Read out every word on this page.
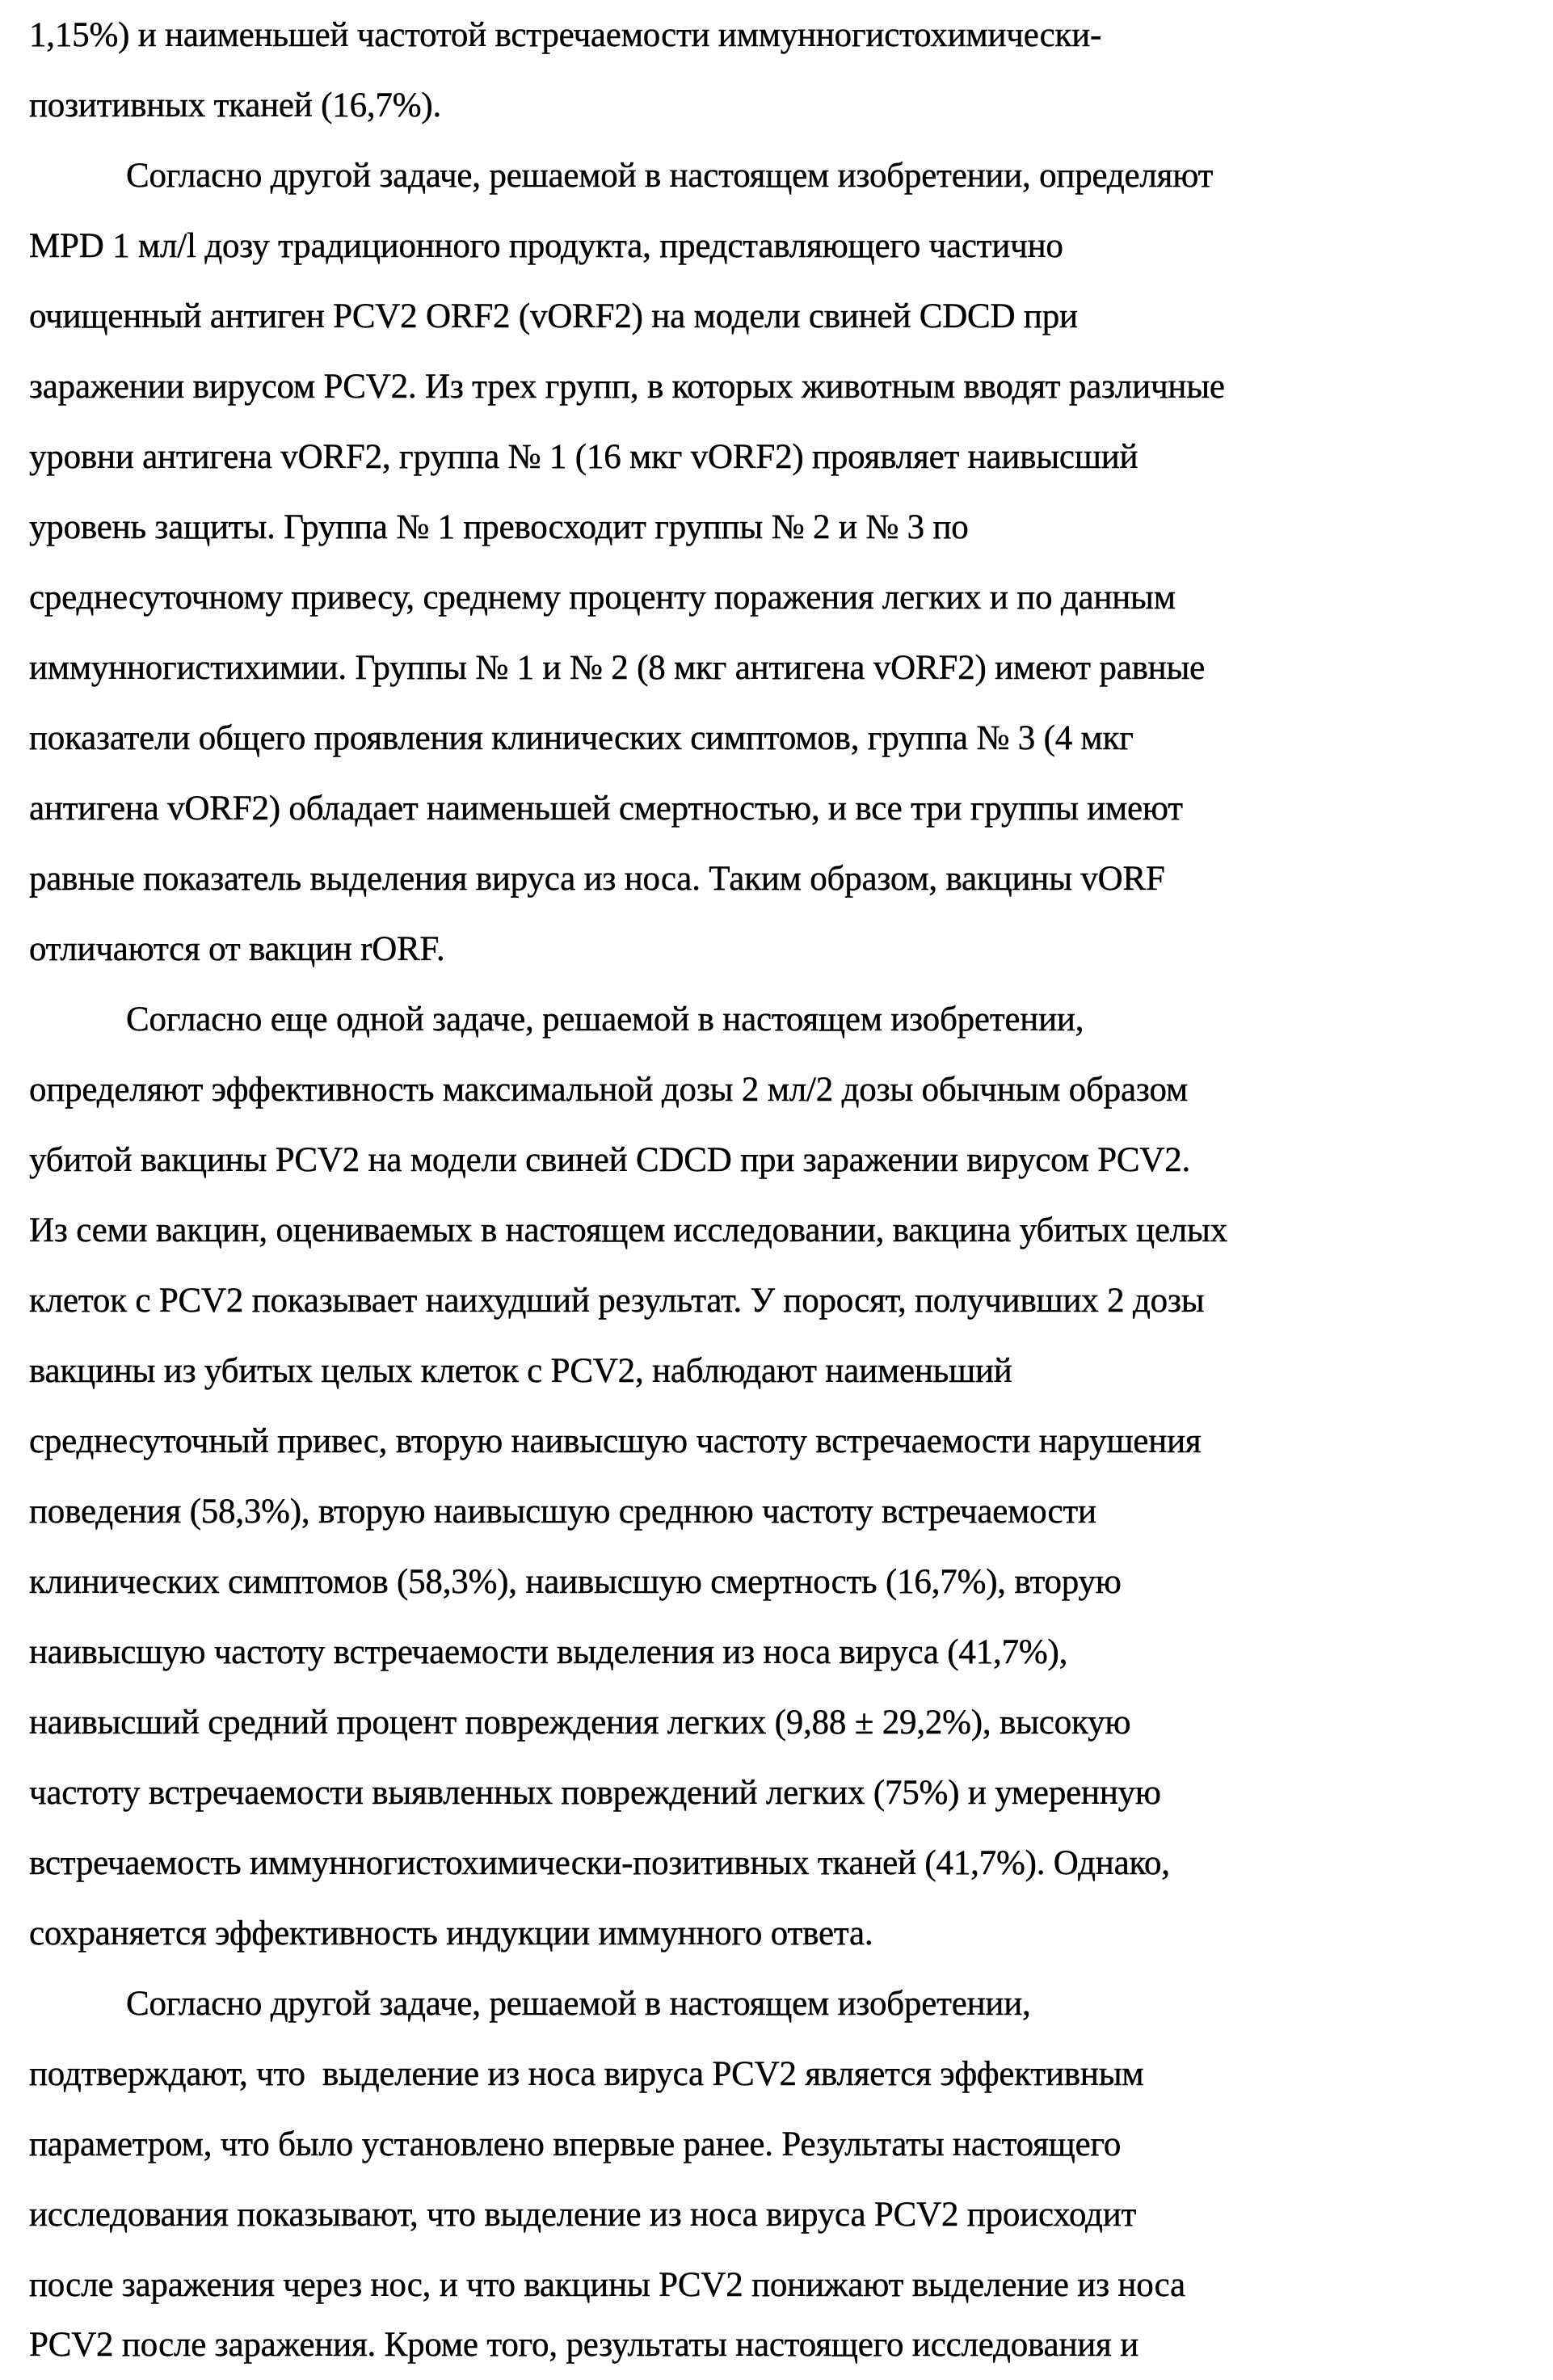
1,15%) и наименьшей частотой встречаемости иммунногистохимически-
позитивных тканей (16,7%).
Согласно другой задаче, решаемой в настоящем изобретении, определяют
MPD 1 мл/l дозу традиционного продукта, представляющего частично
очищенный антиген PCV2 ORF2 (vORF2) на модели свиней CDCD при
заражении вирусом PCV2. Из трех групп, в которых животным вводят различные
уровни антигена vORF2, группа № 1 (16 мкг vORF2) проявляет наивысший
уровень защиты. Группа № 1 превосходит группы № 2 и № 3 по
среднесуточному привесу, среднему проценту поражения легких и по данным
иммунногистихимии. Группы № 1 и № 2 (8 мкг антигена vORF2) имеют равные
показатели общего проявления клинических симптомов, группа № 3 (4 мкг
антигена vORF2) обладает наименьшей смертностью, и все три группы имеют
равные показатель выделения вируса из носа. Таким образом, вакцины vORF
отличаются от вакцин rORF.
Согласно еще одной задаче, решаемой в настоящем изобретении,
определяют эффективность максимальной дозы 2 мл/2 дозы обычным образом
убитой вакцины PCV2 на модели свиней CDCD при заражении вирусом PCV2.
Из семи вакцин, оцениваемых в настоящем исследовании, вакцина убитых целых
клеток с PCV2 показывает наихудший результат. У поросят, получивших 2 дозы
вакцины из убитых целых клеток с PCV2, наблюдают наименьший
среднесуточный привес, вторую наивысшую частоту встречаемости нарушения
поведения (58,3%), вторую наивысшую среднюю частоту встречаемости
клинических симптомов (58,3%), наивысшую смертность (16,7%), вторую
наивысшую частоту встречаемости выделения из носа вируса (41,7%),
наивысший средний процент повреждения легких (9,88 ± 29,2%), высокую
частоту встречаемости выявленных повреждений легких (75%) и умеренную
встречаемость иммунногистохимически-позитивных тканей (41,7%). Однако,
сохраняется эффективность индукции иммунного ответа.
Согласно другой задаче, решаемой в настоящем изобретении,
подтверждают, что  выделение из носа вируса PCV2 является эффективным
параметром, что было установлено впервые ранее. Результаты настоящего
исследования показывают, что выделение из носа вируса PCV2 происходит
после заражения через нос, и что вакцины PCV2 понижают выделение из носа
PCV2 после заражения. Кроме того, результаты настоящего исследования и
